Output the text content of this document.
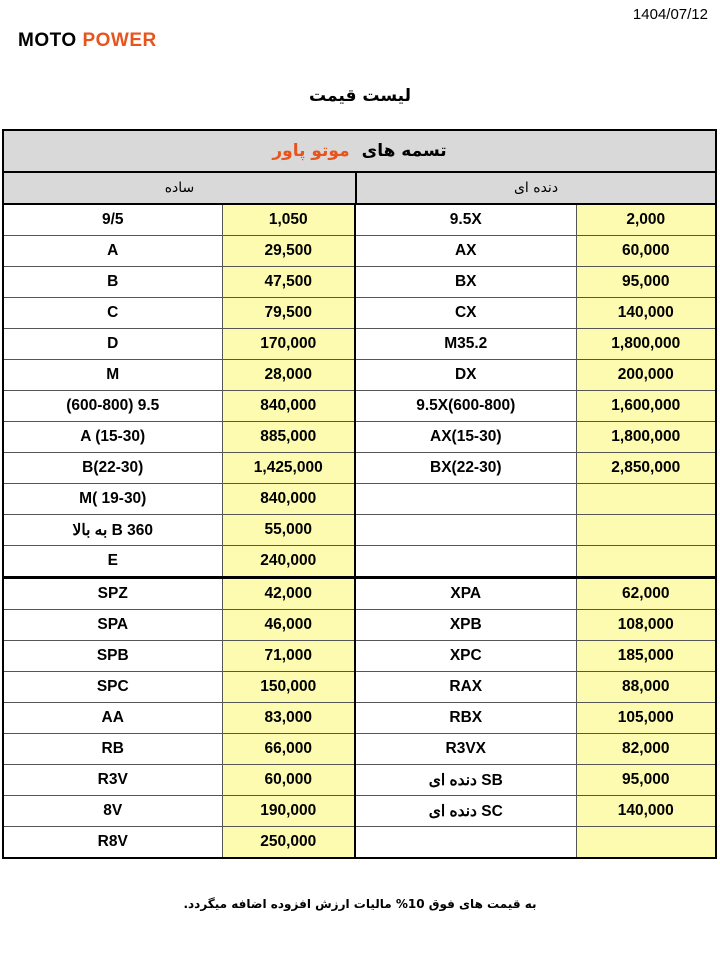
1404/07/12
MOTO POWER
لیست قیمت
تسمه های
موتو پاور
ساده	دنده ای
9/5	1,050	9.5X	2,000
A	29,500	AX	60,000
B	47,500	BX	95,000
C	79,500	CX	140,000
D	170,000	M35.2	1,800,000
M	28,000	DX	200,000
9.5 (600-800)	840,000	9.5X(600-800)	1,600,000
A (15-30)	885,000	AX(15-30)	1,800,000
B(22-30)	1,425,000	BX(22-30)	2,850,000
M( 19-30)	840,000		
B 360 به بالا	55,000		
E	240,000		
SPZ	42,000	XPA	62,000
SPA	46,000	XPB	108,000
SPB	71,000	XPC	185,000
SPC	150,000	RAX	88,000
AA	83,000	RBX	105,000
RB	66,000	R3VX	82,000
R3V	60,000	SB دنده ای	95,000
8V	190,000	SC دنده ای	140,000
R8V	250,000		
به قیمت های فوق 10% مالیات ارزش افزوده اضافه میگردد.
